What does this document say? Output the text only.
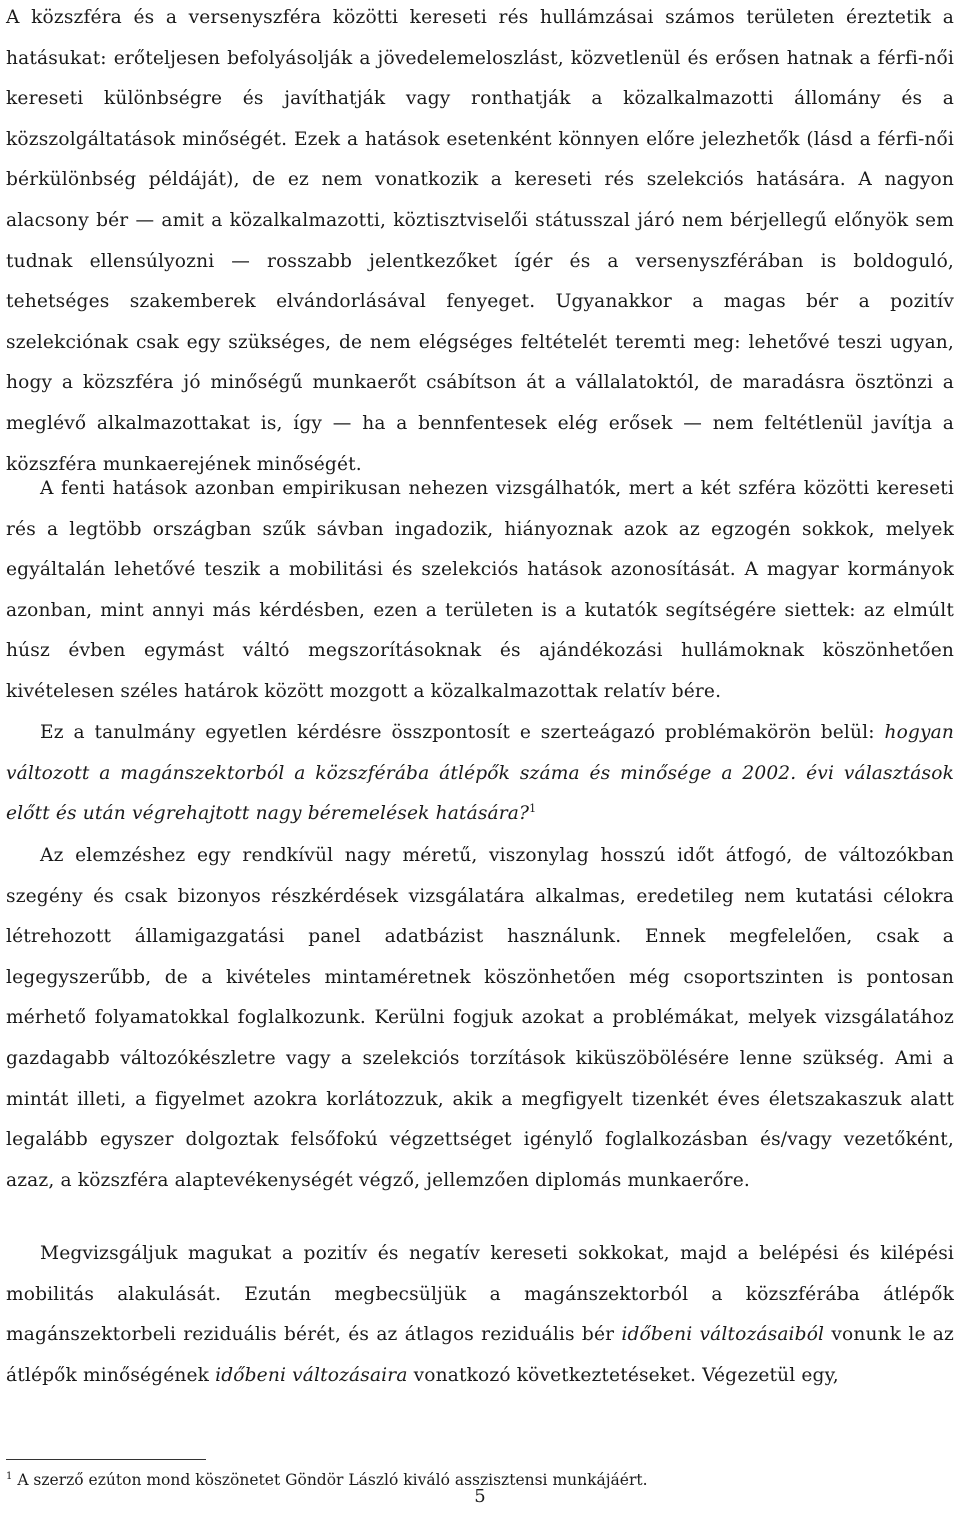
A közszféra és a versenyszféra közötti kereseti rés hullámzásai számos területen éreztetik a hatásukat: erőteljesen befolyásolják a jövedelemeloszlást, közvetlenül és erősen hatnak a férfi-női kereseti különbségre és javíthatják vagy ronthatják a közalkalmazotti állomány és a közszolgáltatások minőségét. Ezek a hatások esetenként könnyen előre jelezhetők (lásd a férfi-női bérkülönbség példáját), de ez nem vonatkozik a kereseti rés szelekciós hatására. A nagyon alacsony bér — amit a közalkalmazotti, köztisztviselői státusszal járó nem bérjellegű előnyök sem tudnak ellensúlyozni — rosszabb jelentkezőket ígér és a versenyszférában is boldoguló, tehetséges szakemberek elvándorlásával fenyeget. Ugyanakkor a magas bér a pozitív szelekciónak csak egy szükséges, de nem elégséges feltételét teremti meg: lehetővé teszi ugyan, hogy a közszféra jó minőségű munkaerőt csábítson át a vállalatoktól, de maradásra ösztönzi a meglévő alkalmazottakat is, így — ha a bennfentesek elég erősek — nem feltétlenül javítja a közszféra munkaerejének minőségét.

A fenti hatások azonban empirikusan nehezen vizsgálhatók, mert a két szféra közötti kereseti rés a legtöbb országban szűk sávban ingadozik, hiányoznak azok az egzogén sokkok, melyek egyáltalán lehetővé teszik a mobilitási és szelekciós hatások azonosítását. A magyar kormányok azonban, mint annyi más kérdésben, ezen a területen is a kutatók segítségére siettek: az elmúlt húsz évben egymást váltó megszorításoknak és ajándékozási hullámoknak köszönhetően kivételesen széles határok között mozgott a közalkalmazottak relatív bére.

Ez a tanulmány egyetlen kérdésre összpontosít e szerteágazó problémakörön belül: hogyan változott a magánszektorból a közszférába átlépők száma és minősége a 2002. évi választások előtt és után végrehajtott nagy béremelések hatására?$^1$

Az elemzéshez egy rendkívül nagy méretű, viszonylag hosszú időt átfogó, de változókban szegény és csak bizonyos részkérdések vizsgálatára alkalmas, eredetileg nem kutatási célokra létrehozott államigazgatási panel adatbázist használunk. Ennek megfelelően, csak a legegyszerűbb, de a kivételes mintaméretnek köszönhetően még csoportszinten is pontosan mérhető folyamatokkal foglalkozunk. Kerülni fogjuk azokat a problémákat, melyek vizsgálatához gazdagabb változókészletre vagy a szelekciós torzítások kiküszöbölésére lenne szükség. Ami a mintát illeti, a figyelmet azokra korlátozzuk, akik a megfigyelt tizenkét éves életszakaszuk alatt legalább egyszer dolgoztak felsőfokú végzettséget igénylő foglalkozásban és/vagy vezetőként, azaz, a közszféra alaptevékenységét végző, jellemzően diplomás munkaerőre.

Megvizsgáljuk magukat a pozitív és negatív kereseti sokkokat, majd a belépési és kilépési mobilitás alakulását. Ezután megbecsüljük a magánszektorból a közszférába átlépők magánszektorbeli reziduális bérét, és az átlagos reziduális bér időbeni változásaiból vonunk le az átlépők minőségének időbeni változásaira vonatkozó következtetéseket. Végezetül egy,

$^1$ A szerző ezúton mond köszönetet Göndör László kiváló asszisztensi munkájáért.
5
